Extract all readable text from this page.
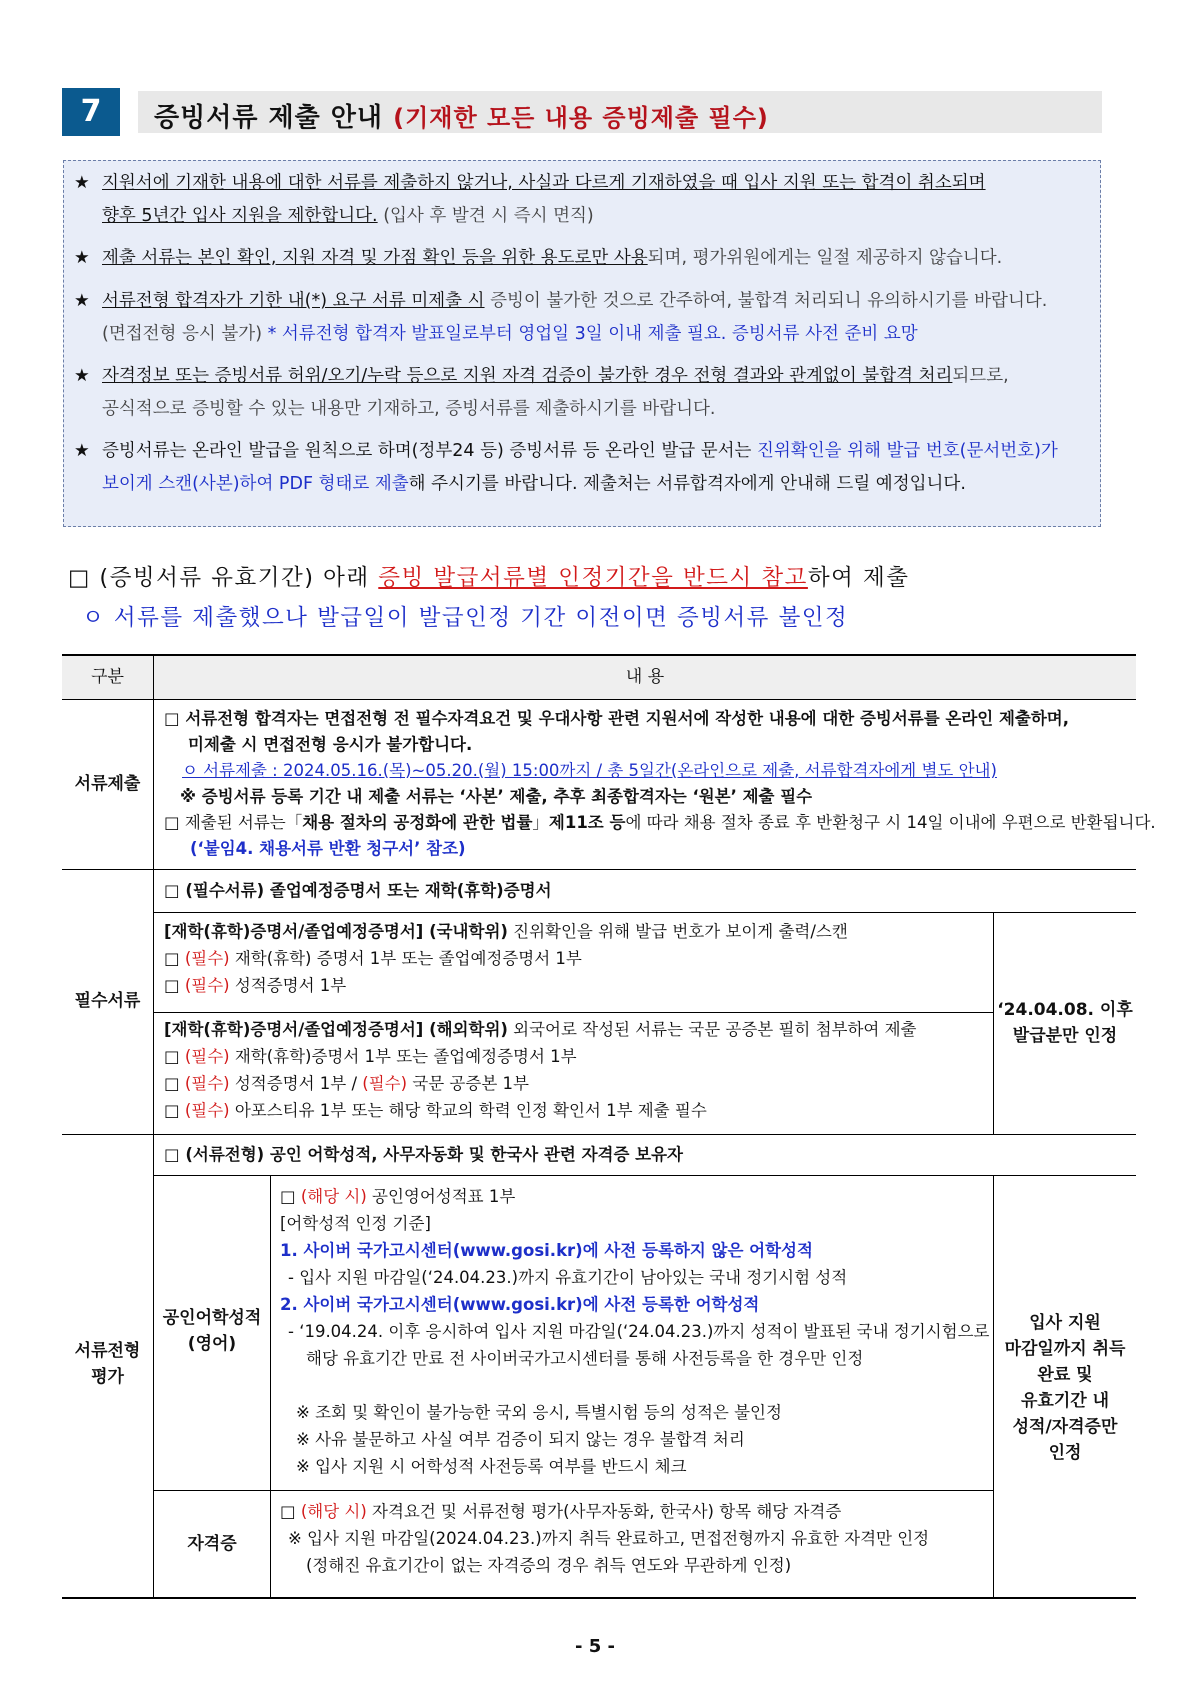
7	증빙서류 제출 안내 (기재한 모든 내용 증빙제출 필수)
★ 지원서에 기재한 내용에 대한 서류를 제출하지 않거나, 사실과 다르게 기재하였을 때 입사 지원 또는 합격이 취소되며
향후 5년간 입사 지원을 제한합니다. (입사 후 발견 시 즉시 면직)
★ 제출 서류는 본인 확인, 지원 자격 및 가점 확인 등을 위한 용도로만 사용되며, 평가위원에게는 일절 제공하지 않습니다.
★ 서류전형 합격자가 기한 내(*) 요구 서류 미제출 시 증빙이 불가한 것으로 간주하여, 불합격 처리되니 유의하시기를 바랍니다.
(면접전형 응시 불가) * 서류전형 합격자 발표일로부터 영업일 3일 이내 제출 필요. 증빙서류 사전 준비 요망
★ 자격정보 또는 증빙서류 허위/오기/누락 등으로 지원 자격 검증이 불가한 경우 전형 결과와 관계없이 불합격 처리되므로,
공식적으로 증빙할 수 있는 내용만 기재하고, 증빙서류를 제출하시기를 바랍니다.
★ 증빙서류는 온라인 발급을 원칙으로 하며(정부24 등) 증빙서류 등 온라인 발급 문서는 진위확인을 위해 발급 번호(문서번호)가
보이게 스캔(사본)하여 PDF 형태로 제출해 주시기를 바랍니다. 제출처는 서류합격자에게 안내해 드릴 예정입니다.
□ (증빙서류 유효기간) 아래 증빙 발급서류별 인정기간을 반드시 참고하여 제출
ㅇ 서류를 제출했으나 발급일이 발급인정 기간 이전이면 증빙서류 불인정
구분	내 용
서류제출
□ 서류전형 합격자는 면접전형 전 필수자격요건 및 우대사항 관련 지원서에 작성한 내용에 대한 증빙서류를 온라인 제출하며,
미제출 시 면접전형 응시가 불가합니다.
ㅇ 서류제출 : 2024.05.16.(목)~05.20.(월) 15:00까지 / 총 5일간(온라인으로 제출, 서류합격자에게 별도 안내)
※ 증빙서류 등록 기간 내 제출 서류는 ‘사본’ 제출, 추후 최종합격자는 ‘원본’ 제출 필수
□ 제출된 서류는「채용 절차의 공정화에 관한 법률」제11조 등에 따라 채용 절차 종료 후 반환청구 시 14일 이내에 우편으로 반환됩니다.
(‘붙임4. 채용서류 반환 청구서’ 참조)
필수서류
□ (필수서류) 졸업예정증명서 또는 재학(휴학)증명서
[재학(휴학)증명서/졸업예정증명서] (국내학위) 진위확인을 위해 발급 번호가 보이게 출력/스캔
□ (필수) 재학(휴학) 증명서 1부 또는 졸업예정증명서 1부
□ (필수) 성적증명서 1부
[재학(휴학)증명서/졸업예정증명서] (해외학위) 외국어로 작성된 서류는 국문 공증본 필히 첨부하여 제출
□ (필수) 재학(휴학)증명서 1부 또는 졸업예정증명서 1부
□ (필수) 성적증명서 1부 / (필수) 국문 공증본 1부
□ (필수) 아포스티유 1부 또는 해당 학교의 학력 인정 확인서 1부 제출 필수
‘24.04.08. 이후
발급분만 인정
서류전형
평가
□ (서류전형) 공인 어학성적, 사무자동화 및 한국사 관련 자격증 보유자
공인어학성적
(영어)
□ (해당 시) 공인영어성적표 1부
[어학성적 인정 기준]
1. 사이버 국가고시센터(www.gosi.kr)에 사전 등록하지 않은 어학성적
- 입사 지원 마감일(‘24.04.23.)까지 유효기간이 남아있는 국내 정기시험 성적
2. 사이버 국가고시센터(www.gosi.kr)에 사전 등록한 어학성적
- ‘19.04.24. 이후 응시하여 입사 지원 마감일(‘24.04.23.)까지 성적이 발표된 국내 정기시험으로
해당 유효기간 만료 전 사이버국가고시센터를 통해 사전등록을 한 경우만 인정
※ 조회 및 확인이 불가능한 국외 응시, 특별시험 등의 성적은 불인정
※ 사유 불문하고 사실 여부 검증이 되지 않는 경우 불합격 처리
※ 입사 지원 시 어학성적 사전등록 여부를 반드시 체크
자격증
□ (해당 시) 자격요건 및 서류전형 평가(사무자동화, 한국사) 항목 해당 자격증
※ 입사 지원 마감일(2024.04.23.)까지 취득 완료하고, 면접전형까지 유효한 자격만 인정
(정해진 유효기간이 없는 자격증의 경우 취득 연도와 무관하게 인정)
입사 지원
마감일까지 취득
완료 및
유효기간 내
성적/자격증만
인정
- 5 -
